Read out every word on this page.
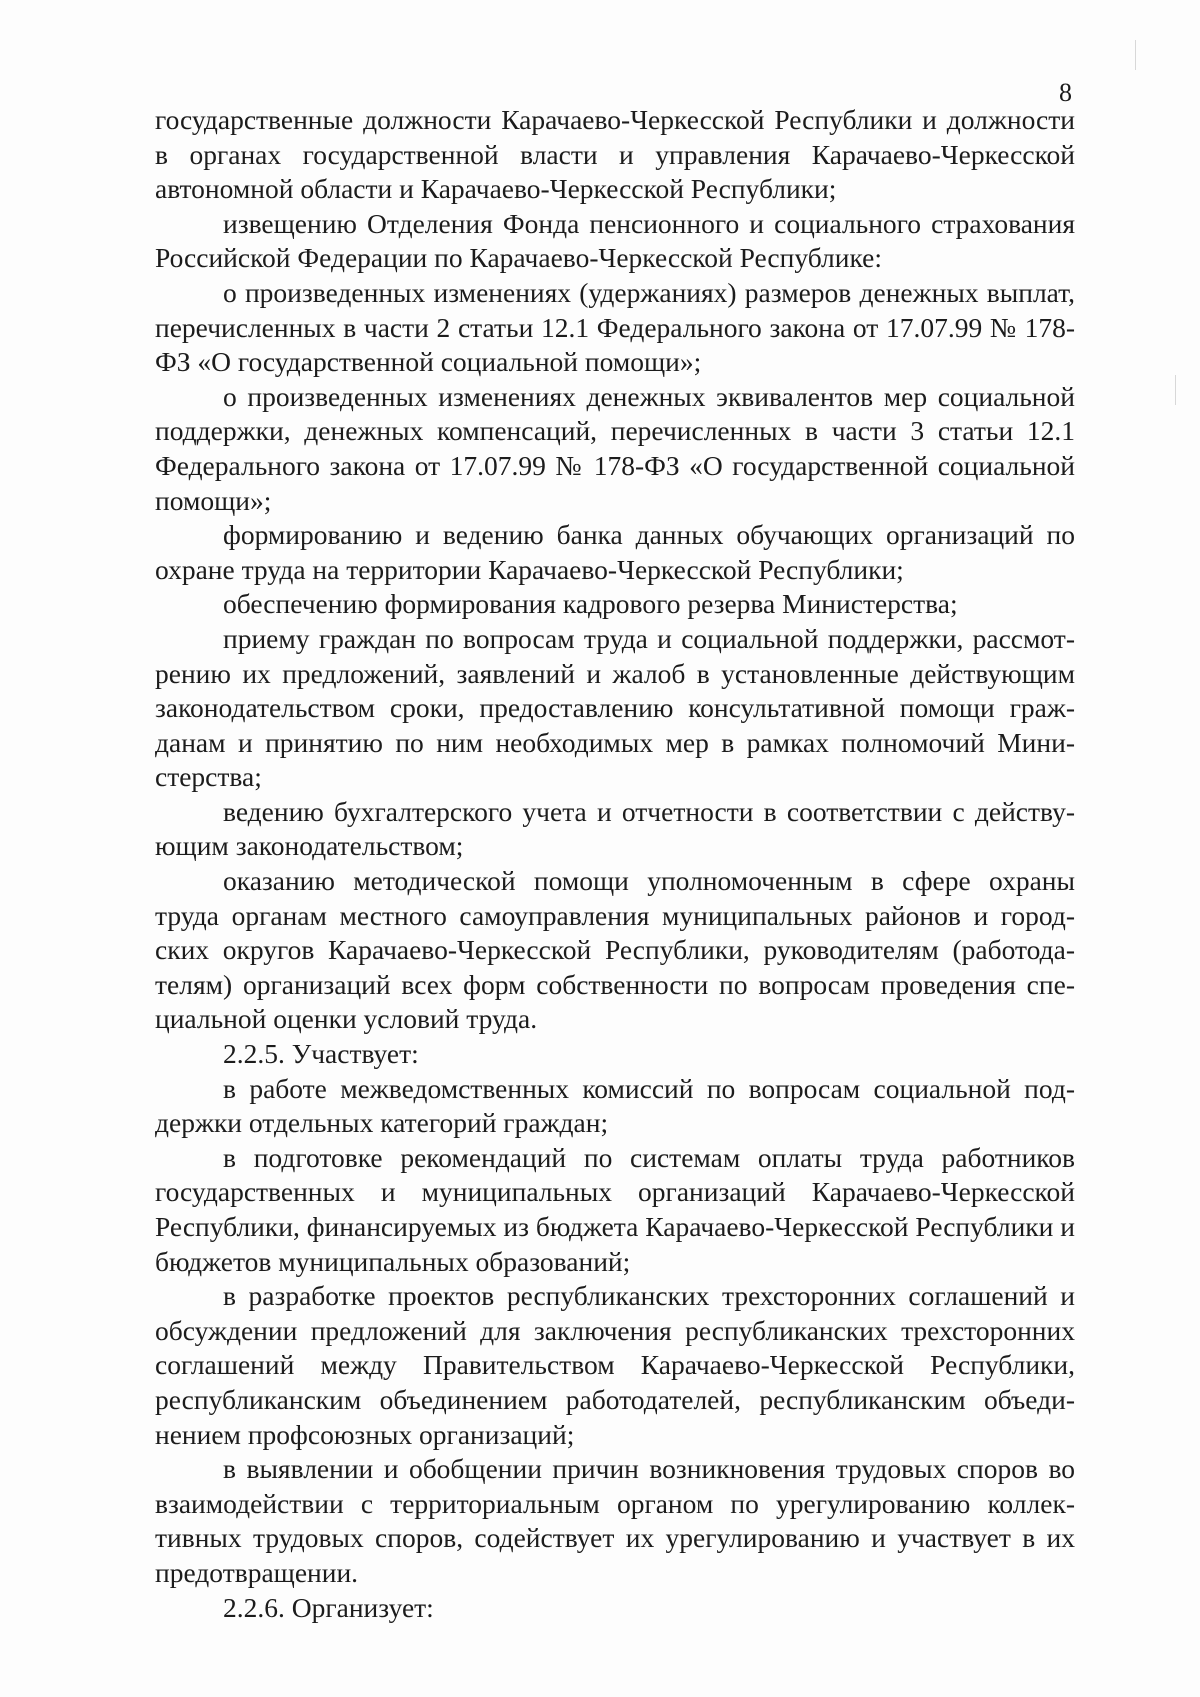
8

государственные должности Карачаево-Черкесской Республики и должности в органах государственной власти и управления Карачаево-Черкесской автономной области и Карачаево-Черкесской Республики;

извещению Отделения Фонда пенсионного и социального страхования Российской Федерации по Карачаево-Черкесской Республике:

о произведенных изменениях (удержаниях) размеров денежных выплат, перечисленных в части 2 статьи 12.1 Федерального закона от 17.07.99 № 178-ФЗ «О государственной социальной помощи»;

о произведенных изменениях денежных эквивалентов мер социальной поддержки, денежных компенсаций, перечисленных в части 3 статьи 12.1 Федерального закона от 17.07.99 № 178-ФЗ «О государственной социальной помощи»;

формированию и ведению банка данных обучающих организаций по охране труда на территории Карачаево-Черкесской Республики;

обеспечению формирования кадрового резерва Министерства;

приему граждан по вопросам труда и социальной поддержки, рассмотрению их предложений, заявлений и жалоб в установленные действующим законодательством сроки, предоставлению консультативной помощи гражданам и принятию по ним необходимых мер в рамках полномочий Министерства;

ведению бухгалтерского учета и отчетности в соответствии с действующим законодательством;

оказанию методической помощи уполномоченным в сфере охраны труда органам местного самоуправления муниципальных районов и городских округов Карачаево-Черкесской Республики, руководителям (работодателям) организаций всех форм собственности по вопросам проведения специальной оценки условий труда.

2.2.5. Участвует:

в работе межведомственных комиссий по вопросам социальной поддержки отдельных категорий граждан;

в подготовке рекомендаций по системам оплаты труда работников государственных и муниципальных организаций Карачаево-Черкесской Республики, финансируемых из бюджета Карачаево-Черкесской Республики и бюджетов муниципальных образований;

в разработке проектов республиканских трехсторонних соглашений и обсуждении предложений для заключения республиканских трехсторонних соглашений между Правительством Карачаево-Черкесской Республики, республиканским объединением работодателей, республиканским объединением профсоюзных организаций;

в выявлении и обобщении причин возникновения трудовых споров во взаимодействии с территориальным органом по урегулированию коллективных трудовых споров, содействует их урегулированию и участвует в их предотвращении.

2.2.6. Организует:
